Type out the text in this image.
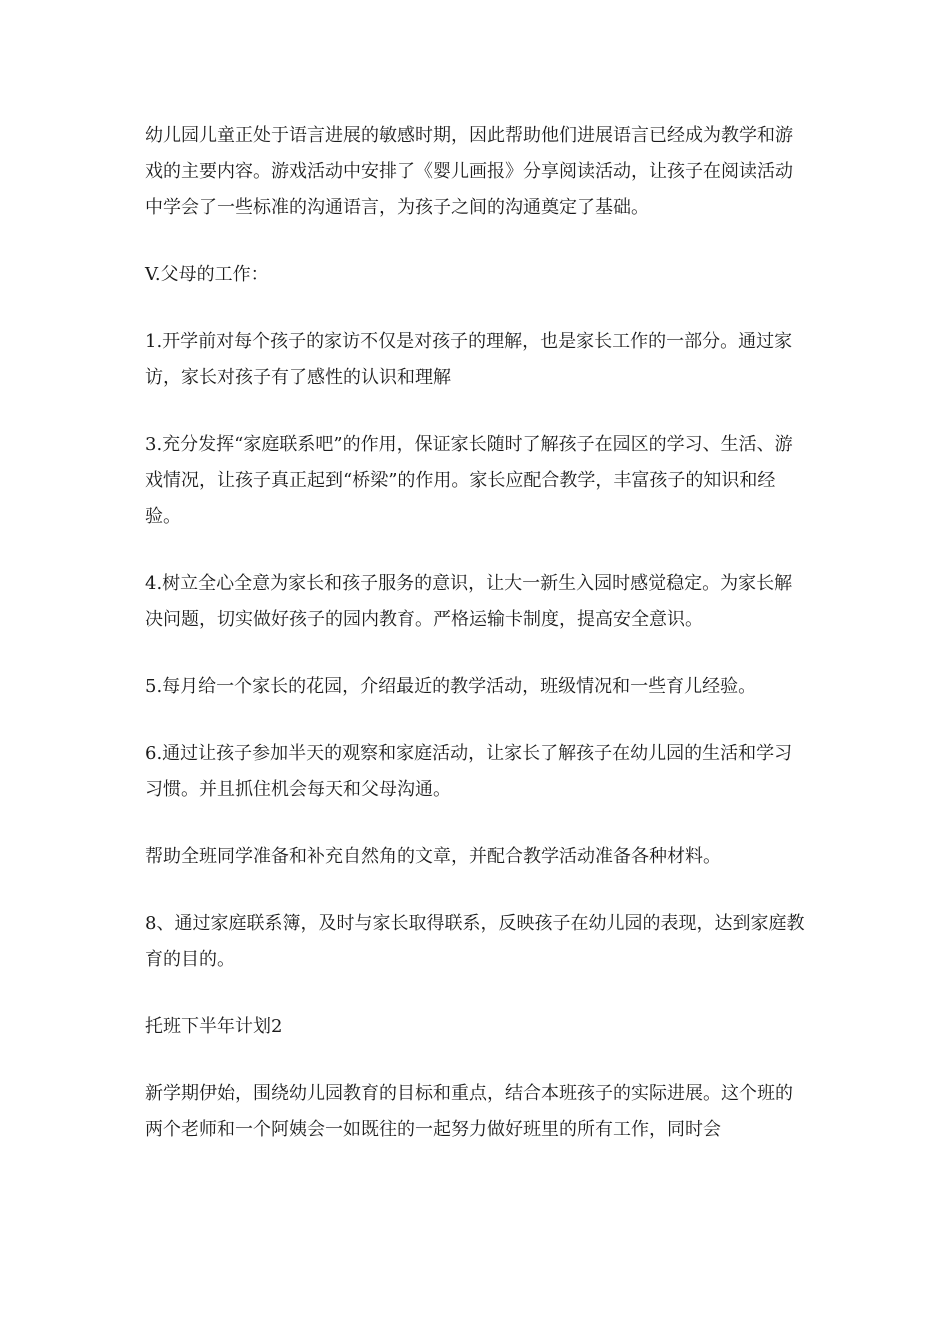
幼儿园儿童正处于语言进展的敏感时期，因此帮助他们进展语言已经成为教学和游戏的主要内容。游戏活动中安排了《婴儿画报》分享阅读活动，让孩子在阅读活动中学会了一些标准的沟通语言，为孩子之间的沟通奠定了基础。

V.父母的工作：

1.开学前对每个孩子的家访不仅是对孩子的理解，也是家长工作的一部分。通过家访，家长对孩子有了感性的认识和理解

3.充分发挥“家庭联系吧”的作用，保证家长随时了解孩子在园区的学习、生活、游戏情况，让孩子真正起到“桥梁”的作用。家长应配合教学，丰富孩子的知识和经验。

4.树立全心全意为家长和孩子服务的意识，让大一新生入园时感觉稳定。为家长解决问题，切实做好孩子的园内教育。严格运输卡制度，提高安全意识。

5.每月给一个家长的花园，介绍最近的教学活动，班级情况和一些育儿经验。

6.通过让孩子参加半天的观察和家庭活动，让家长了解孩子在幼儿园的生活和学习习惯。并且抓住机会每天和父母沟通。

帮助全班同学准备和补充自然角的文章，并配合教学活动准备各种材料。

8、通过家庭联系簿，及时与家长取得联系，反映孩子在幼儿园的表现，达到家庭教育的目的。

托班下半年计划2

新学期伊始，围绕幼儿园教育的目标和重点，结合本班孩子的实际进展。这个班的两个老师和一个阿姨会一如既往的一起努力做好班里的所有工作，同时会
